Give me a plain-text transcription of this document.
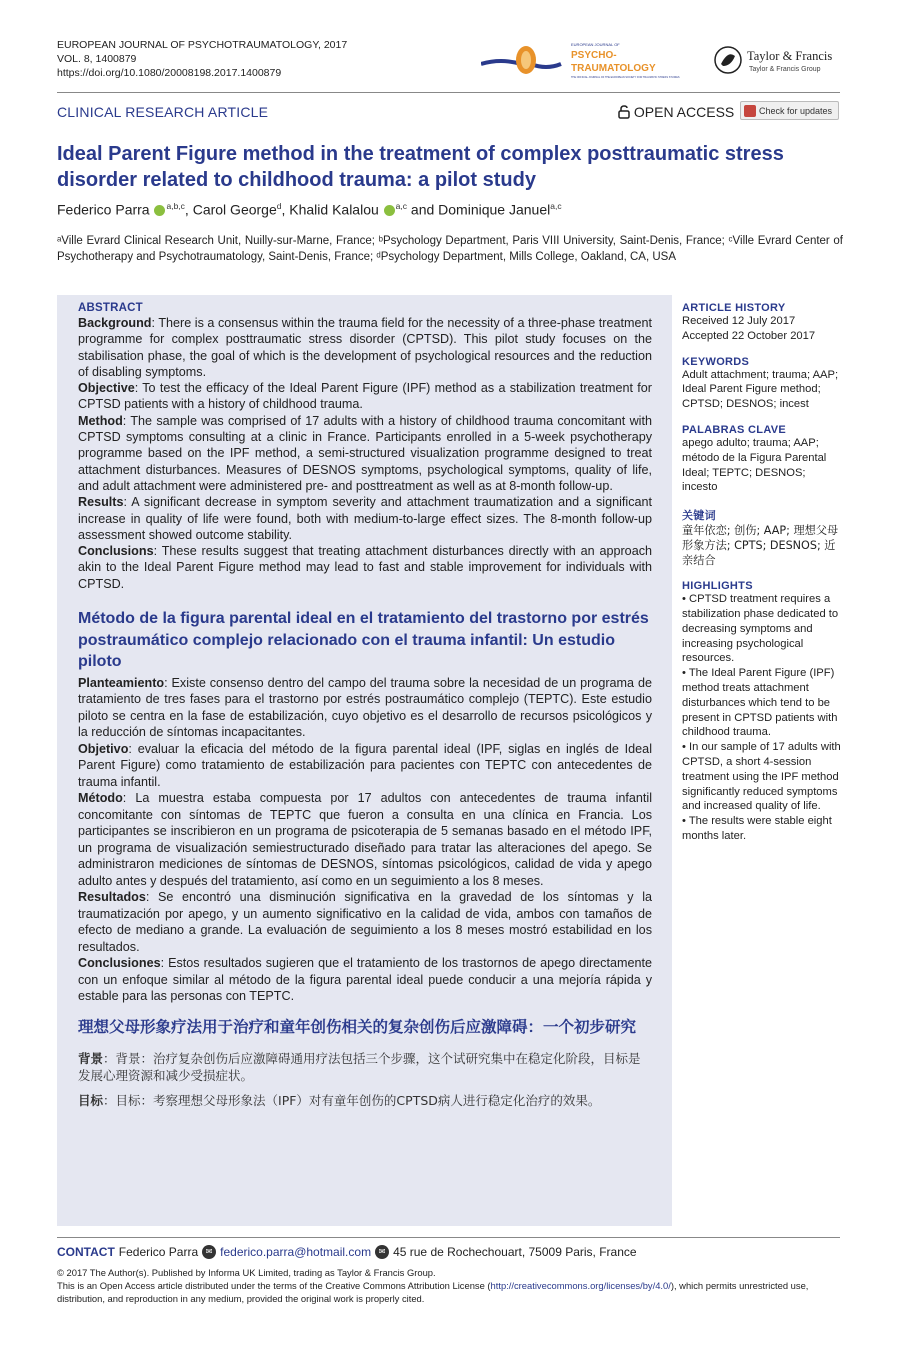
EUROPEAN JOURNAL OF PSYCHOTRAUMATOLOGY, 2017
VOL. 8, 1400879
https://doi.org/10.1080/20008198.2017.1400879
EUROPEAN JOURNAL OF
PSYCHO-
TRAUMATOLOGY
THE OFFICIAL JOURNAL OF THE EUROPEAN SOCIETY FOR TRAUMATIC STRESS STUDIES
Taylor & Francis
Taylor & Francis Group
CLINICAL RESEARCH ARTICLE	OPEN ACCESS	Check for updates
Ideal Parent Figure method in the treatment of complex posttraumatic stress disorder related to childhood trauma: a pilot study
Federico Parra $^{a,b,c}$, Carol George$^d$, Khalid Kalalou $^{a,c}$ and Dominique Januel$^{a,c}$
ᵃVille Evrard Clinical Research Unit, Nuilly-sur-Marne, France; ᵇPsychology Department, Paris VIII University, Saint-Denis, France; ᶜVille Evrard Center of Psychotherapy and Psychotraumatology, Saint-Denis, France; ᵈPsychology Department, Mills College, Oakland, CA, USA
ABSTRACT

Background: There is a consensus within the trauma field for the necessity of a three-phase treatment programme for complex posttraumatic stress disorder (CPTSD). This pilot study focuses on the stabilisation phase, the goal of which is the development of psychological resources and the reduction of disabling symptoms.

Objective: To test the efficacy of the Ideal Parent Figure (IPF) method as a stabilization treatment for CPTSD patients with a history of childhood trauma.

Method: The sample was comprised of 17 adults with a history of childhood trauma concomitant with CPTSD symptoms consulting at a clinic in France. Participants enrolled in a 5-week psychotherapy programme based on the IPF method, a semi-structured visualization programme designed to treat attachment disturbances. Measures of DESNOS symptoms, psychological symptoms, quality of life, and adult attachment were administered pre- and posttreatment as well as at 8-month follow-up.

Results: A significant decrease in symptom severity and attachment traumatization and a significant increase in quality of life were found, both with medium-to-large effect sizes. The 8-month follow-up assessment showed outcome stability.

Conclusions: These results suggest that treating attachment disturbances directly with an approach akin to the Ideal Parent Figure method may lead to fast and stable improvement for individuals with CPTSD.

Método de la figura parental ideal en el tratamiento del trastorno por estrés postraumático complejo relacionado con el trauma infantil: Un estudio piloto

Planteamiento: Existe consenso dentro del campo del trauma sobre la necesidad de un programa de tratamiento de tres fases para el trastorno por estrés postraumático complejo (TEPTC). Este estudio piloto se centra en la fase de estabilización, cuyo objetivo es el desarrollo de recursos psicológicos y la reducción de síntomas incapacitantes.

Objetivo: evaluar la eficacia del método de la figura parental ideal (IPF, siglas en inglés de Ideal Parent Figure) como tratamiento de estabilización para pacientes con TEPTC con antecedentes de trauma infantil.

Método: La muestra estaba compuesta por 17 adultos con antecedentes de trauma infantil concomitante con síntomas de TEPTC que fueron a consulta en una clínica en Francia. Los participantes se inscribieron en un programa de psicoterapia de 5 semanas basado en el método IPF, un programa de visualización semiestructurado diseñado para tratar las alteraciones del apego. Se administraron mediciones de síntomas de DESNOS, síntomas psicológicos, calidad de vida y apego adulto antes y después del tratamiento, así como en un seguimiento a los 8 meses.

Resultados: Se encontró una disminución significativa en la gravedad de los síntomas y la traumatización por apego, y un aumento significativo en la calidad de vida, ambos con tamaños de efecto de mediano a grande. La evaluación de seguimiento a los 8 meses mostró estabilidad en los resultados.

Conclusiones: Estos resultados sugieren que el tratamiento de los trastornos de apego directamente con un enfoque similar al método de la figura parental ideal puede conducir a una mejoría rápida y estable para las personas con TEPTC.

理想父母形象疗法用于治疗和童年创伤相关的复杂创伤后应激障碍：一个初步研究

背景：背景：治疗复杂创伤后应激障碍通用疗法包括三个步骤，这个试研究集中在稳定化阶段，目标是发展心理资源和减少受损症状。

目标：目标：考察理想父母形象法（IPF）对有童年创伤的CPTSD病人进行稳定化治疗的效果。

ARTICLE HISTORY
Received 12 July 2017
Accepted 22 October 2017
KEYWORDS
Adult attachment; trauma; AAP; Ideal Parent Figure method; CPTSD; DESNOS; incest
PALABRAS CLAVE
apego adulto; trauma; AAP; método de la Figura Parental Ideal; TEPTC; DESNOS; incesto
关键词
童年依恋; 创伤; AAP; 理想父母形象方法; CPTS; DESNOS; 近亲结合
HIGHLIGHTS
• CPTSD treatment requires a stabilization phase dedicated to decreasing symptoms and increasing psychological resources.
• The Ideal Parent Figure (IPF) method treats attachment disturbances which tend to be present in CPTSD patients with childhood trauma.
• In our sample of 17 adults with CPTSD, a short 4-session treatment using the IPF method significantly reduced symptoms and increased quality of life.
• The results were stable eight months later.
CONTACT Federico Parra ✉ federico.parra@hotmail.com ✉ 45 rue de Rochechouart, 75009 Paris, France
© 2017 The Author(s). Published by Informa UK Limited, trading as Taylor & Francis Group.
This is an Open Access article distributed under the terms of the Creative Commons Attribution License (http://creativecommons.org/licenses/by/4.0/), which permits unrestricted use, distribution, and reproduction in any medium, provided the original work is properly cited.
